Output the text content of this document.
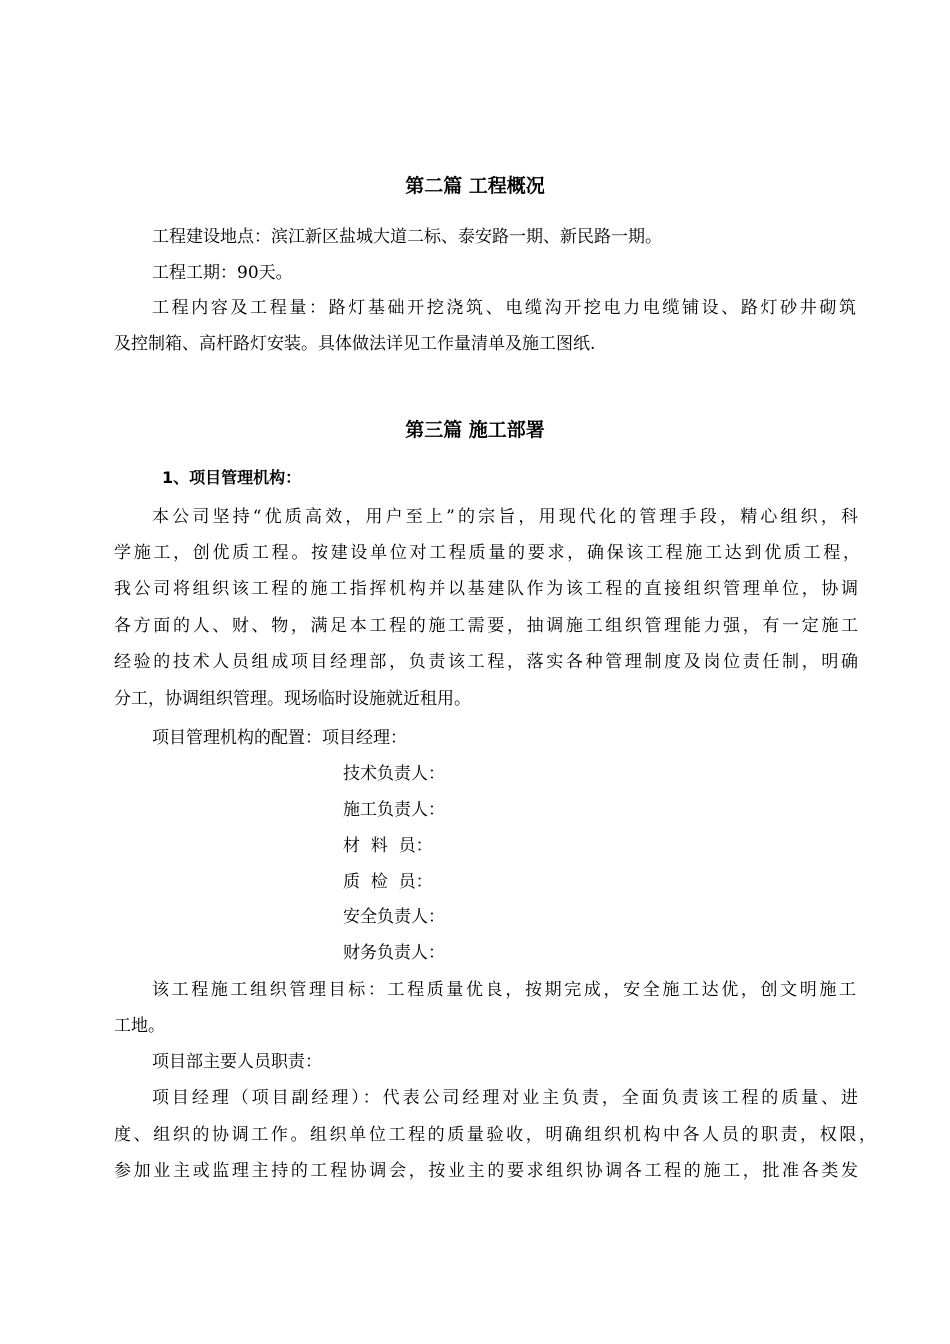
第二篇 工程概况

工程建设地点：滨江新区盐城大道二标、泰安路一期、新民路一期。

工程工期：90天。

工程内容及工程量：路灯基础开挖浇筑、电缆沟开挖电力电缆铺设、路灯砂井砌筑

及控制箱、高杆路灯安装。具体做法详见工作量清单及施工图纸.

第三篇 施工部署
1、项目管理机构：

本公司坚持“优质高效，用户至上”的宗旨，用现代化的管理手段，精心组织，科

学施工，创优质工程。按建设单位对工程质量的要求，确保该工程施工达到优质工程，

我公司将组织该工程的施工指挥机构并以基建队作为该工程的直接组织管理单位，协调

各方面的人、财、物，满足本工程的施工需要，抽调施工组织管理能力强，有一定施工

经验的技术人员组成项目经理部，负责该工程，落实各种管理制度及岗位责任制，明确

分工，协调组织管理。现场临时设施就近租用。

项目管理机构的配置：项目经理：

技术负责人：

施工负责人：

材  料  员：

质  检  员：

安全负责人：

财务负责人：

该工程施工组织管理目标：工程质量优良，按期完成，安全施工达优，创文明施工

工地。

项目部主要人员职责：

项目经理（项目副经理）：代表公司经理对业主负责，全面负责该工程的质量、进

度、组织的协调工作。组织单位工程的质量验收，明确组织机构中各人员的职责，权限，

参加业主或监理主持的工程协调会，按业主的要求组织协调各工程的施工，批准各类发
